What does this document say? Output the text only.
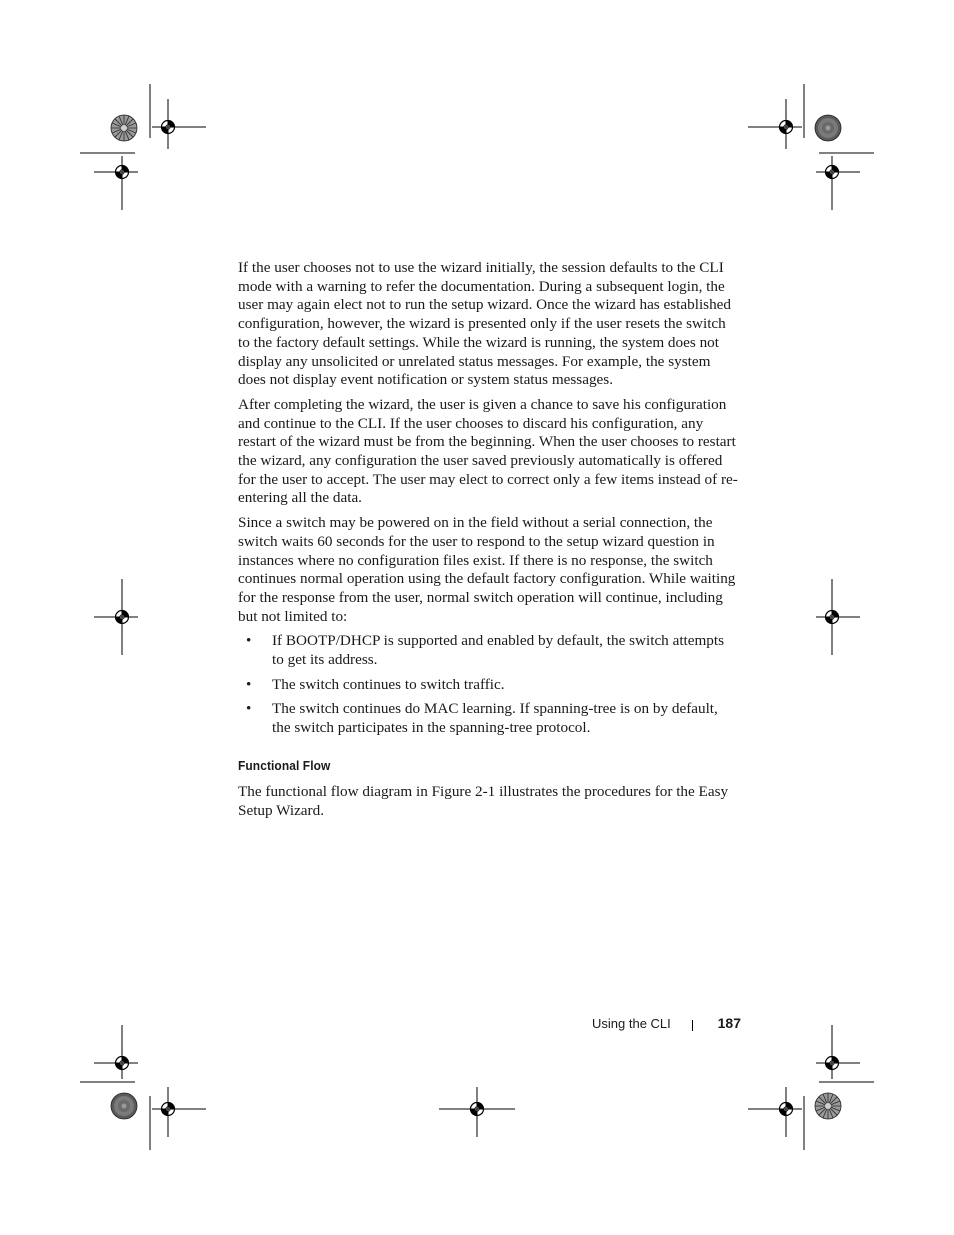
If the user chooses not to use the wizard initially, the session defaults to the CLI mode with a warning to refer the documentation. During a subsequent login, the user may again elect not to run the setup wizard. Once the wizard has established configuration, however, the wizard is presented only if the user resets the switch to the factory default settings. While the wizard is running, the system does not display any unsolicited or unrelated status messages. For example, the system does not display event notification or system status messages.

After completing the wizard, the user is given a chance to save his configuration and continue to the CLI. If the user chooses to discard his configuration, any restart of the wizard must be from the beginning. When the user chooses to restart the wizard, any configuration the user saved previously automatically is offered for the user to accept. The user may elect to correct only a few items instead of re-entering all the data.

Since a switch may be powered on in the field without a serial connection, the switch waits 60 seconds for the user to respond to the setup wizard question in instances where no configuration files exist. If there is no response, the switch continues normal operation using the default factory configuration. While waiting for the response from the user, normal switch operation will continue, including but not limited to:

• If BOOTP/DHCP is supported and enabled by default, the switch attempts to get its address.
• The switch continues to switch traffic.
• The switch continues do MAC learning. If spanning-tree is on by default, the switch participates in the spanning-tree protocol.
Functional Flow

The functional flow diagram in Figure 2-1 illustrates the procedures for the Easy Setup Wizard.

Using the CLI	187
